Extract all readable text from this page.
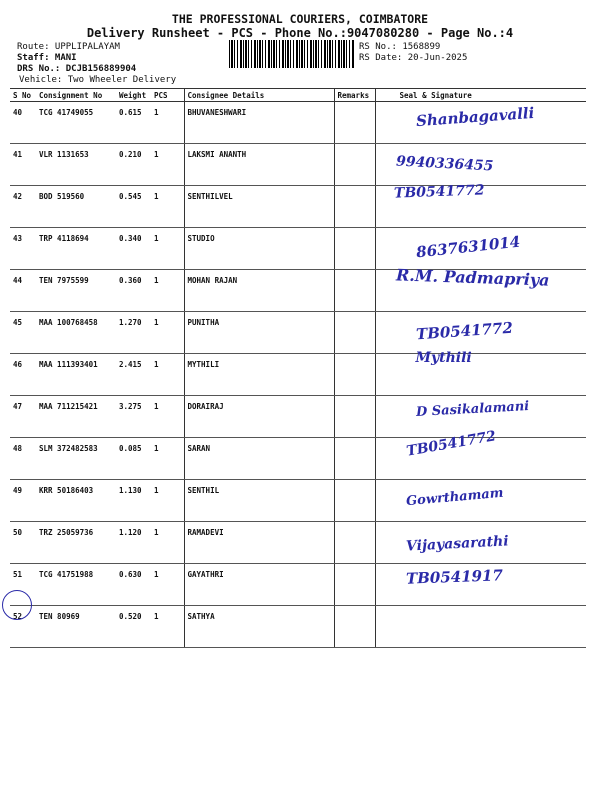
THE PROFESSIONAL COURIERS, COIMBATORE
Delivery Runsheet - PCS - Phone No.:9047080280 - Page No.:4
Route: UPPLIPALAYAM
Staff: MANI
DRS No.: DCJB156889904
Vehicle: Two Wheeler Delivery
RS No.: 1568899
RS Date: 20-Jun-2025
S No	Consignment No	Weight	PCS	Consignee Details	Remarks	Seal & Signature
40	TCG 41749055	0.615	1	BHUVANESHWARI		Shanbagavalli

41	VLR 1131653	0.210	1	LAKSMI ANANTH		9940336455

42	BOD 519560	0.545	1	SENTHILVEL		TB0541772

43	TRP 4118694	0.340	1	STUDIO		8637631014

44	TEN 7975599	0.360	1	MOHAN RAJAN		R.M. Padmapriya

45	MAA 100768458	1.270	1	PUNITHA		TB0541772

46	MAA 111393401	2.415	1	MYTHILI		Mythili

47	MAA 711215421	3.275	1	DORAIRAJ		D Sasikalamani

48	SLM 372482583	0.085	1	SARAN		TB0541772

49	KRR 50186403	1.130	1	SENTHIL		Gowrthamam

50	TRZ 25059736	1.120	1	RAMADEVI		Vijayasarathi

51	TCG 41751988	0.630	1	GAYATHRI		TB0541917

52	TEN 80969	0.520	1	SATHYA		
